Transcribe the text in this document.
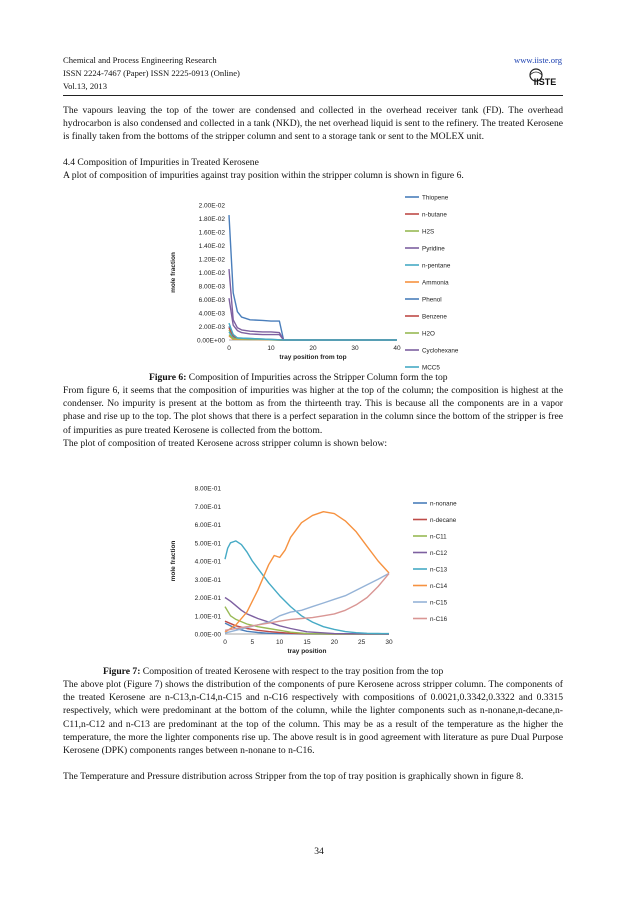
Chemical and Process Engineering Research
ISSN 2224-7467 (Paper) ISSN 2225-0913 (Online)
Vol.13, 2013
www.iiste.org
IISTE
The vapours leaving the top of the tower are condensed and collected in the overhead receiver tank (FD). The overhead hydrocarbon is also condensed and collected in a tank (NKD), the net overhead liquid is sent to the refinery. The treated Kerosene is finally taken from the bottoms of the stripper column and sent to a storage tank or sent to the MOLEX unit.
4.4 Composition of Impurities in Treated Kerosene
A plot of composition of impurities against tray position within the stripper column is shown in figure 6.
0.00E+00
2.00E-03
4.00E-03
6.00E-03
8.00E-03
1.00E-02
1.20E-02
1.40E-02
1.60E-02
1.80E-02
2.00E-02
0	10	20	30	40
tray position from top
mole fraction
Thiopene
n-butane
H2S
Pyridine
n-pentane
Ammonia
Phenol
Benzene
H2O
Cyclohexane
MCC5
Figure 6: Composition of Impurities across the Stripper Column form the top
From figure 6, it seems that the composition of impurities was higher at the top of the column; the composition is highest at the condenser. No impurity is present at the bottom as from the thirteenth tray. This is because all the components are in a vapor phase and rise up to the top. The plot shows that there is a perfect separation in the column since the bottom of the stripper is free of impurities as pure treated Kerosene is collected from the bottom.
The plot of composition of treated Kerosene across stripper column is shown below:
0.00E-00
1.00E-01
2.00E-01
3.00E-01
4.00E-01
5.00E-01
6.00E-01
7.00E-01
8.00E-01
0	5	10	15	20	25	30
tray position
mole fraction
n-nonane
n-decane
n-C11
n-C12
n-C13
n-C14
n-C15
n-C16
Figure 7: Composition of treated Kerosene with respect to the tray position from the top
The above plot (Figure 7) shows the distribution of the components of pure Kerosene across stripper column. The components of the treated Kerosene are n-C13,n-C14,n-C15 and n-C16 respectively with compositions of 0.0021,0.3342,0.3322 and 0.3315 respectively, which were predominant at the bottom of the column, while the lighter components such as n-nonane,n-decane,n-C11,n-C12 and n-C13 are predominant at the top of the column. This may be as a result of the temperature as the higher the temperature, the more the lighter components rise up. The above result is in good agreement with literature as pure Dual Purpose Kerosene (DPK) components ranges between n-nonane to n-C16.
The Temperature and Pressure distribution across Stripper from the top of tray position is graphically shown in figure 8.
34
